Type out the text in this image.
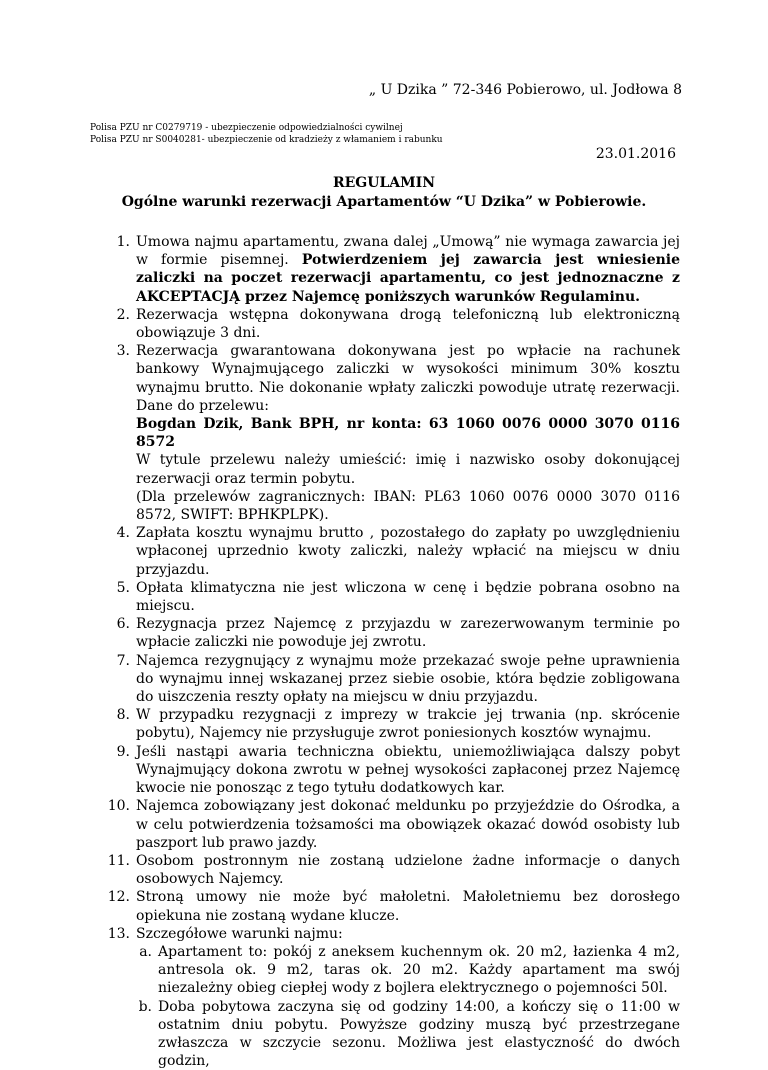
„ U Dzika ” 72-346 Pobierowo, ul. Jodłowa 8
Polisa PZU nr C0279719 - ubezpieczenie odpowiedzialności cywilnej
Polisa PZU nr S0040281- ubezpieczenie od kradzieży z włamaniem i rabunku
23.01.2016
REGULAMIN
Ogólne warunki rezerwacji Apartamentów “U Dzika” w Pobierowie.
1. Umowa najmu apartamentu, zwana dalej „Umową” nie wymaga zawarcia jej w formie pisemnej. Potwierdzeniem jej zawarcia jest wniesienie zaliczki na poczet rezerwacji apartamentu, co jest jednoznaczne z AKCEPTACJĄ przez Najemcę poniższych warunków Regulaminu.
2. Rezerwacja wstępna dokonywana drogą telefoniczną lub elektroniczną obowiązuje 3 dni.
3. Rezerwacja gwarantowana dokonywana jest po wpłacie na rachunek bankowy Wynajmującego zaliczki w wysokości minimum 30% kosztu wynajmu brutto. Nie dokonanie wpłaty zaliczki powoduje utratę rezerwacji. Dane do przelewu:
Bogdan Dzik, Bank BPH, nr konta: 63 1060 0076 0000 3070 0116 8572
W tytule przelewu należy umieścić: imię i nazwisko osoby dokonującej rezerwacji oraz termin pobytu.
(Dla przelewów zagranicznych: IBAN: PL63 1060 0076 0000 3070 0116 8572, SWIFT: BPHKPLPK).
4. Zapłata kosztu wynajmu brutto , pozostałego do zapłaty po uwzględnieniu wpłaconej uprzednio kwoty zaliczki, należy wpłacić na miejscu w dniu przyjazdu.
5. Opłata klimatyczna nie jest wliczona w cenę i będzie pobrana osobno na miejscu.
6. Rezygnacja przez Najemcę z przyjazdu w zarezerwowanym terminie po wpłacie zaliczki nie powoduje jej zwrotu.
7. Najemca rezygnujący z wynajmu może przekazać swoje pełne uprawnienia do wynajmu innej wskazanej przez siebie osobie, która będzie zobligowana do uiszczenia reszty opłaty na miejscu w dniu przyjazdu.
8. W przypadku rezygnacji z imprezy w trakcie jej trwania (np. skrócenie pobytu), Najemcy nie przysługuje zwrot poniesionych kosztów wynajmu.
9. Jeśli nastąpi awaria techniczna obiektu, uniemożliwiająca dalszy pobyt Wynajmujący dokona zwrotu w pełnej wysokości zapłaconej przez Najemcę kwocie nie ponosząc z tego tytułu dodatkowych kar.
10. Najemca zobowiązany jest dokonać meldunku po przyjeździe do Ośrodka, a w celu potwierdzenia tożsamości ma obowiązek okazać dowód osobisty lub paszport lub prawo jazdy.
11. Osobom postronnym nie zostaną udzielone żadne informacje o danych osobowych Najemcy.
12. Stroną umowy nie może być małoletni. Małoletniemu bez dorosłego opiekuna nie zostaną wydane klucze.
13. Szczegółowe warunki najmu:
a. Apartament to: pokój z aneksem kuchennym ok. 20 m2, łazienka 4 m2, antresola ok. 9 m2, taras ok. 20 m2. Każdy apartament ma swój niezależny obieg ciepłej wody z bojlera elektrycznego o pojemności 50l.
b. Doba pobytowa zaczyna się od godziny 14:00, a kończy się o 11:00 w ostatnim dniu pobytu. Powyższe godziny muszą być przestrzegane zwłaszcza w szczycie sezonu. Możliwa jest elastyczność do dwóch godzin,
